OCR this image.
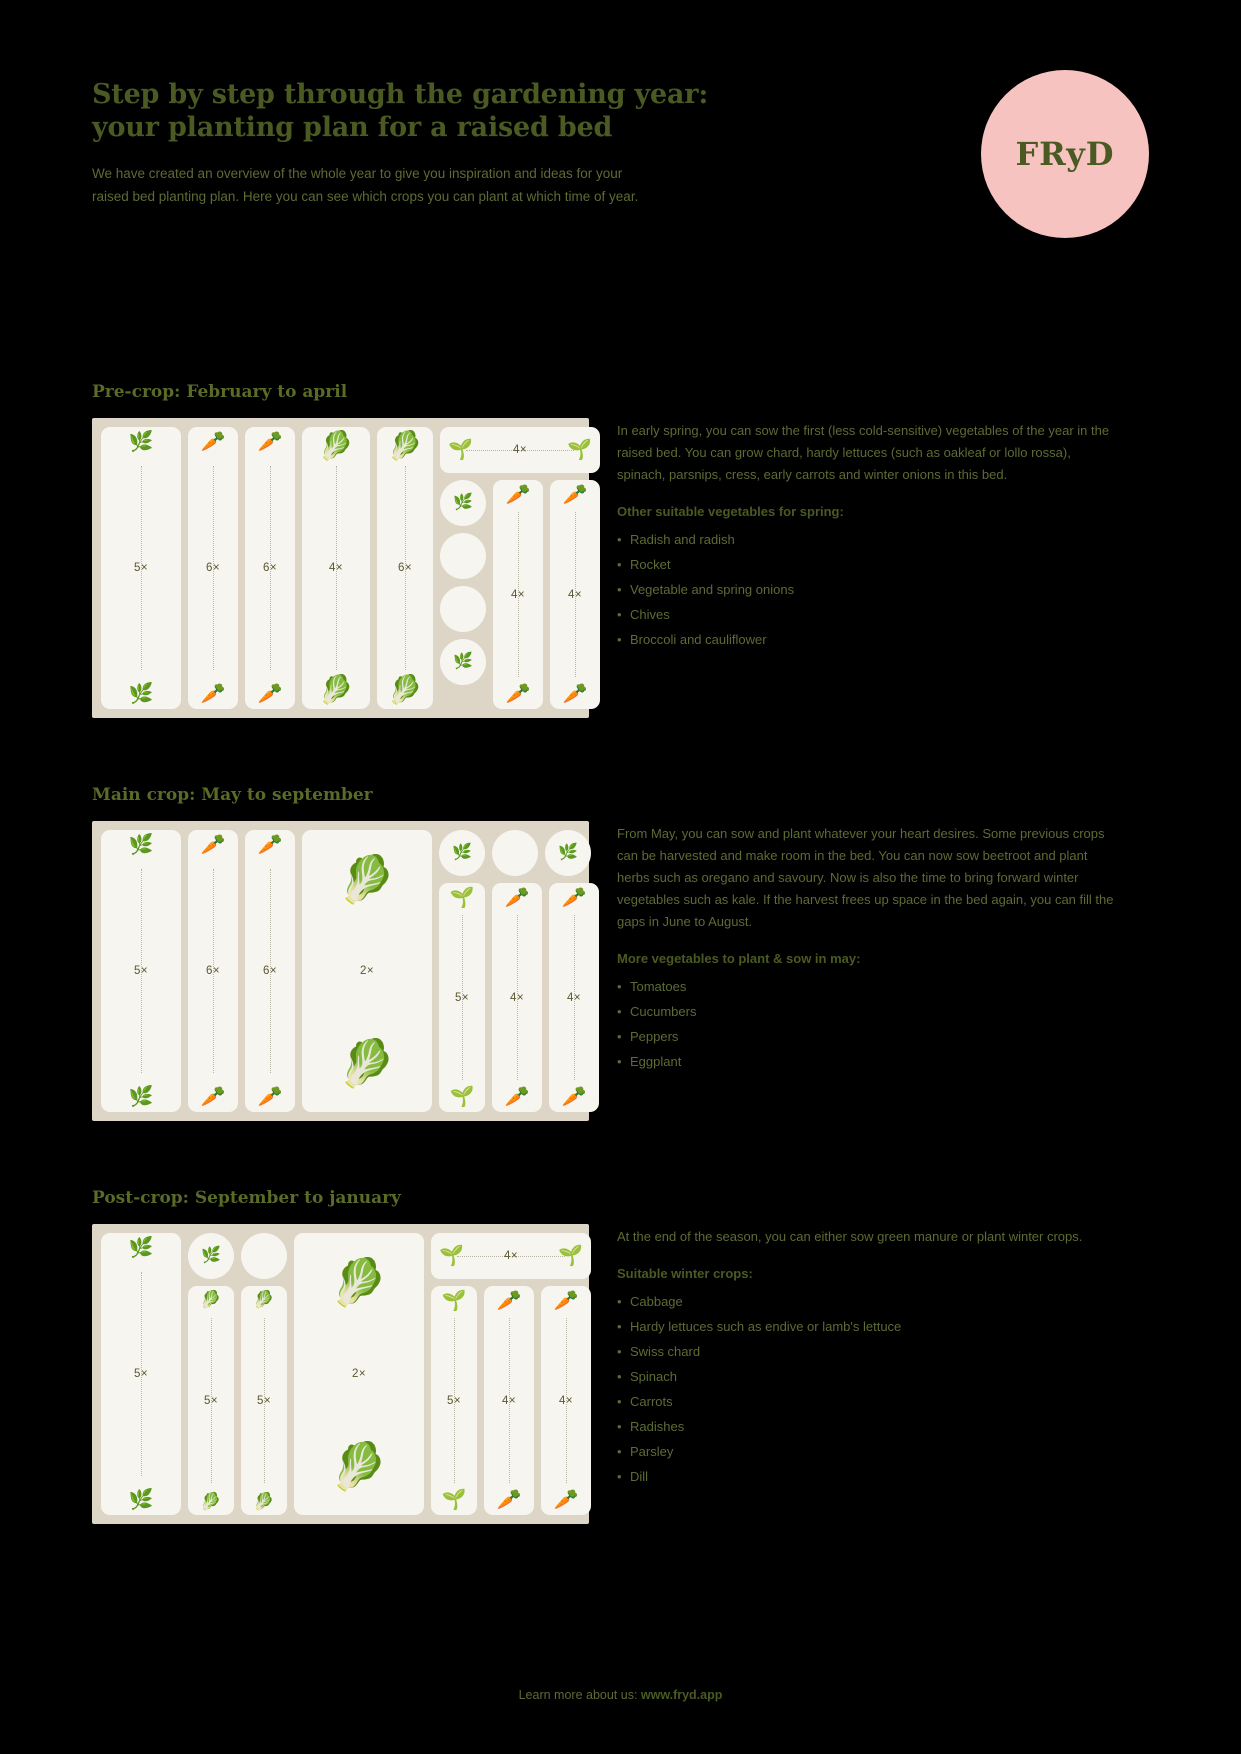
Step by step through the gardening year:
your planting plan for a raised bed
We have created an overview of the whole year to give you inspiration and ideas for your raised bed planting plan. Here you can see which crops you can plant at which time of year.
FRyD
Pre-crop: February to april
🌿
🌿
5×
🥕
🥕
6×
🥕
🥕
6×
🥬
🥬
4×
🥬
🥬
6×
🌱	🌱
4×
🌿
🌿
🥕
🥕
4×
🥕
🥕
4×

In early spring, you can sow the first (less cold-sensitive) vegetables of the year in the raised bed. You can grow chard, hardy lettuces (such as oakleaf or lollo rossa), spinach, parsnips, cress, early carrots and winter onions in this bed.

Other suitable vegetables for spring:

• Radish and radish
• Rocket
• Vegetable and spring onions
• Chives
• Broccoli and cauliflower
Main crop: May to september
🌿
🌿
5×
🥕
🥕
6×
🥕
🥕
6×
🥬
🥬
2×
🌿	🌿
🌱
🌱
5×
🥕
🥕
4×
🥕
🥕
4×

From May, you can sow and plant whatever your heart desires. Some previous crops can be harvested and make room in the bed. You can now sow beetroot and plant herbs such as oregano and savoury. Now is also the time to bring forward winter vegetables such as kale. If the harvest frees up space in the bed again, you can fill the gaps in June to August.

More vegetables to plant & sow in may:

• Tomatoes
• Cucumbers
• Peppers
• Eggplant
Post-crop: September to january
🌿
🌿
5×
🌿
🥬
🥬
5×
🥬
🥬
5×
🥬
🥬
2×
🌱	🌱
4×
🌱
🌱
5×
🥕
🥕
4×
🥕
🥕
4×

At the end of the season, you can either sow green manure or plant winter crops.

Suitable winter crops:

• Cabbage
• Hardy lettuces such as endive or lamb's lettuce
• Swiss chard
• Spinach
• Carrots
• Radishes
• Parsley
• Dill
Learn more about us: www.fryd.app
